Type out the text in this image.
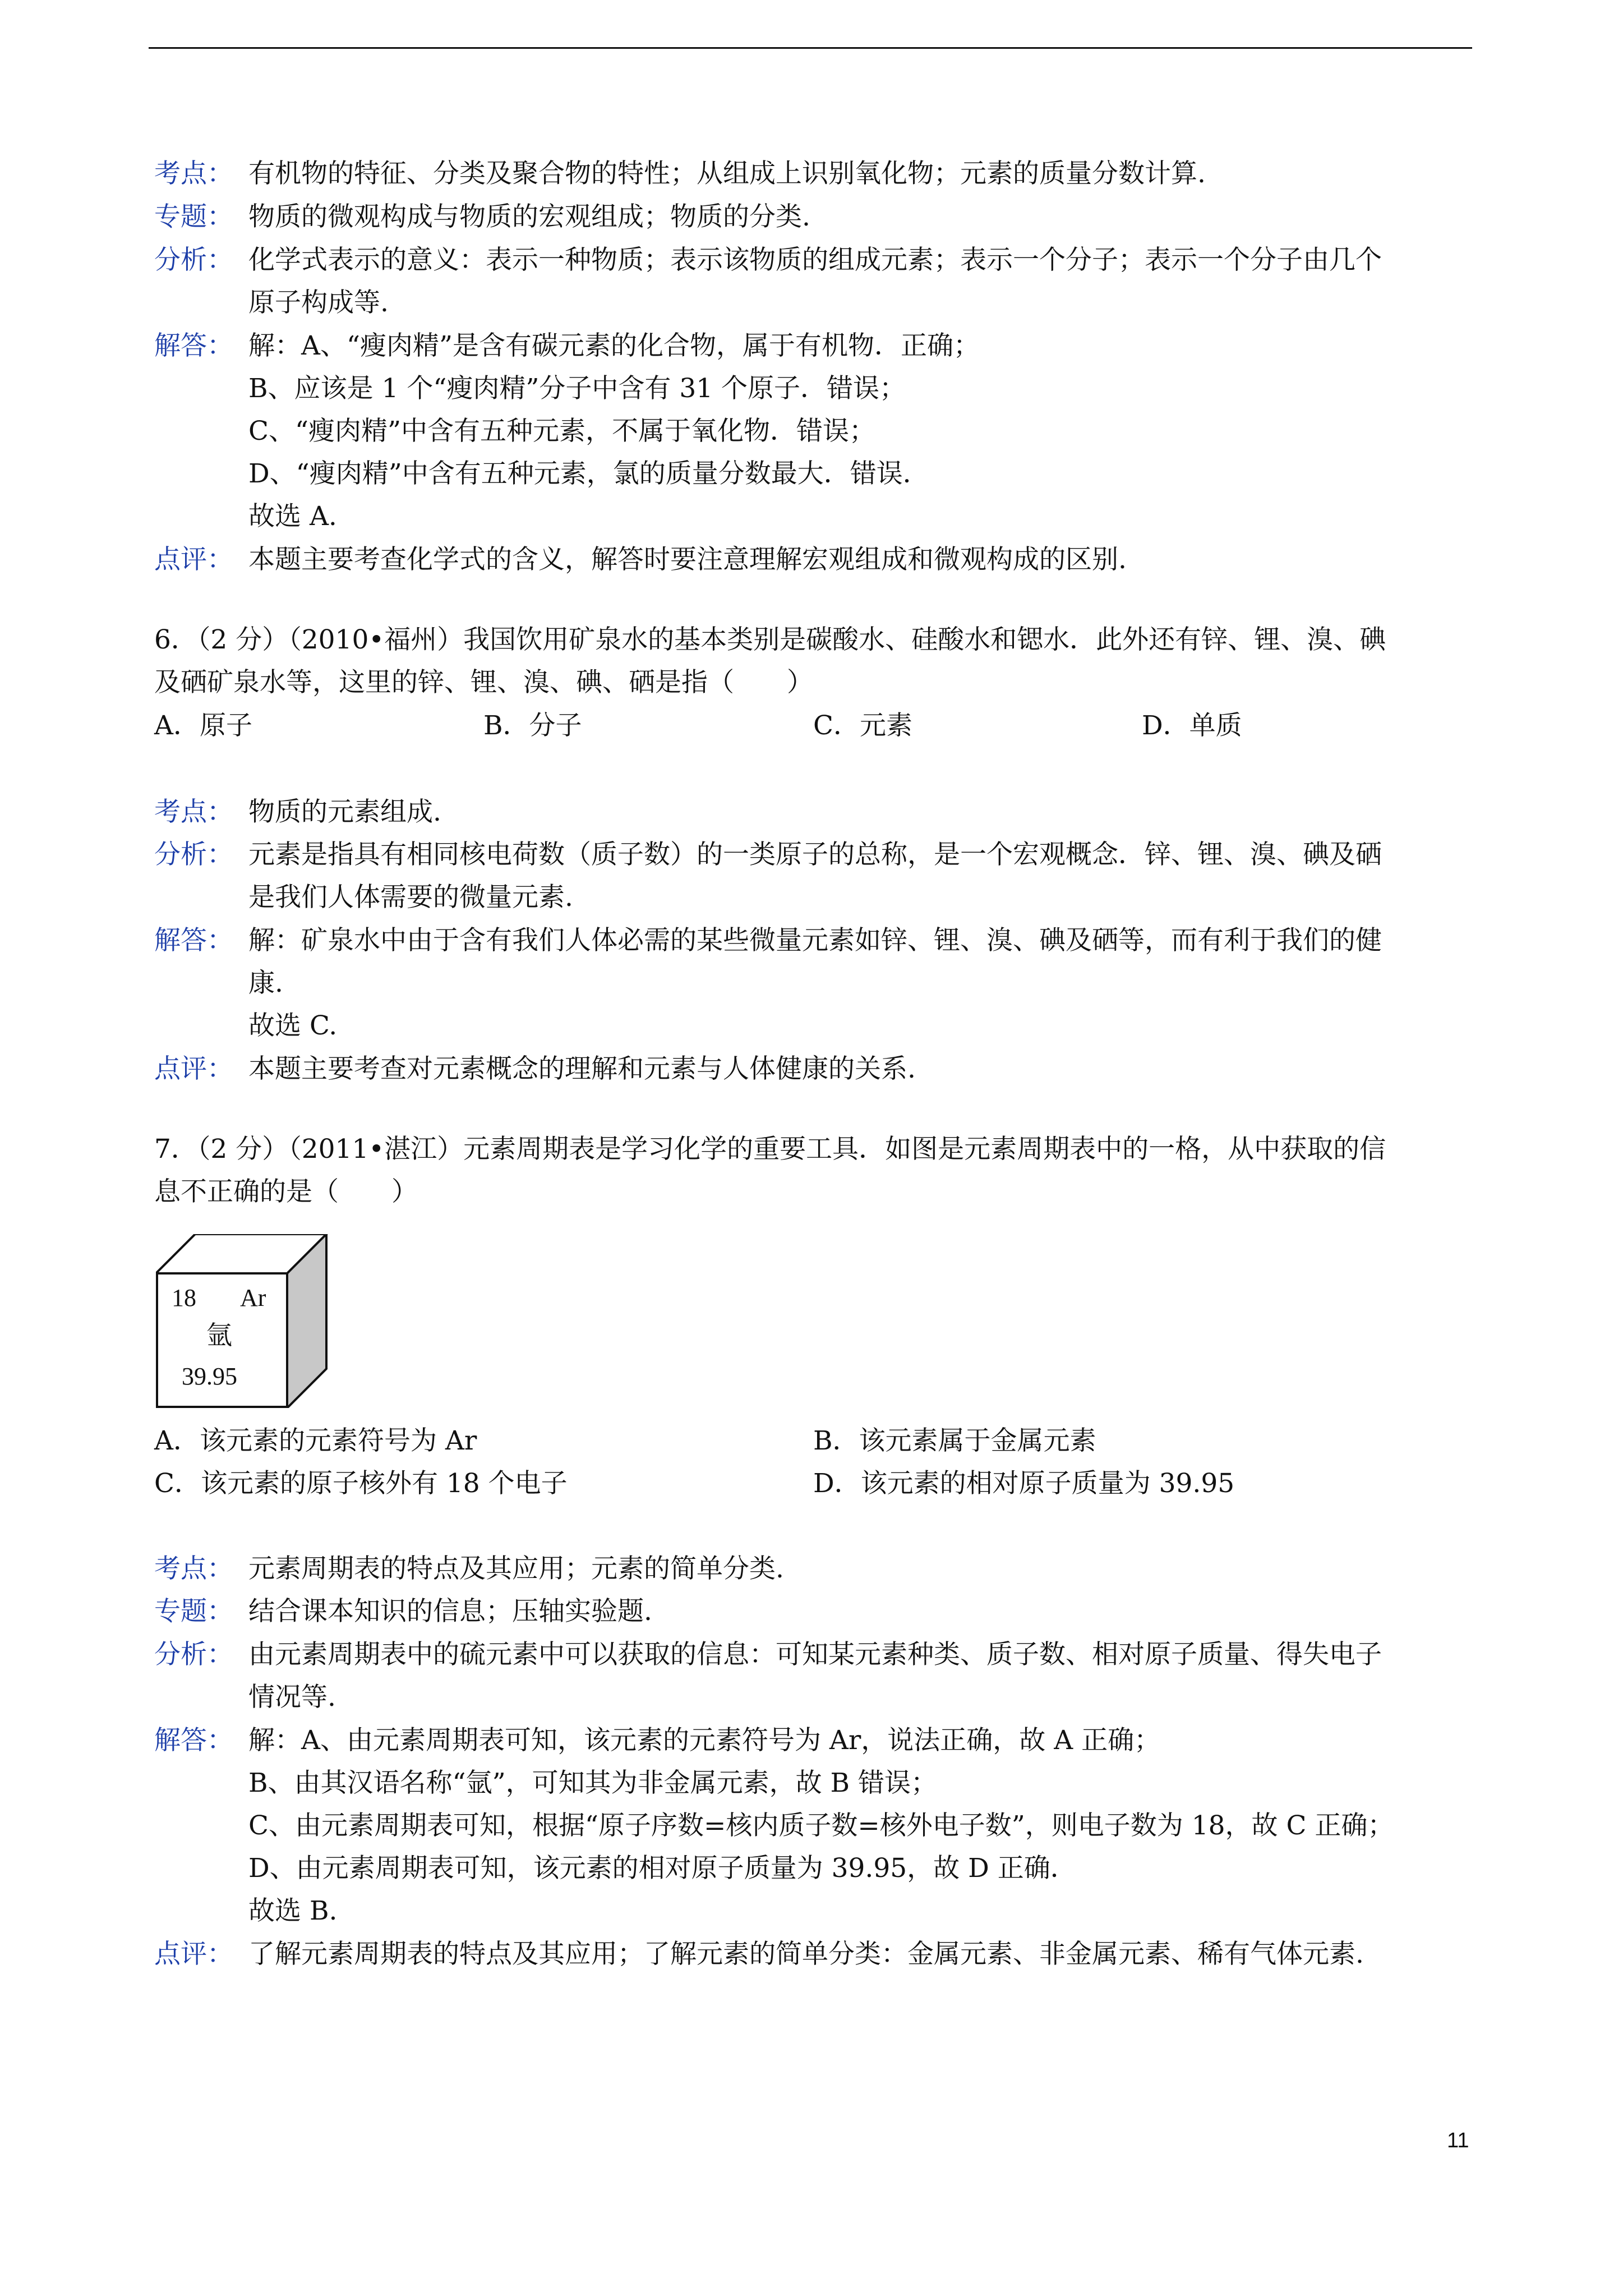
考点： 有机物的特征、分类及聚合物的特性；从组成上识别氧化物；元素的质量分数计算.
专题： 物质的微观构成与物质的宏观组成；物质的分类.
分析： 化学式表示的意义：表示一种物质；表示该物质的组成元素；表示一个分子；表示一个分子由几个
原子构成等.
解答： 解：A、“瘦肉精”是含有碳元素的化合物，属于有机物．正确；
B、应该是 1 个“瘦肉精”分子中含有 31 个原子．错误；
C、“瘦肉精”中含有五种元素，不属于氧化物．错误；
D、“瘦肉精”中含有五种元素，氯的质量分数最大．错误．
故选 A.
点评： 本题主要考查化学式的含义，解答时要注意理解宏观组成和微观构成的区别.
6．（2 分）（2010•福州）我国饮用矿泉水的基本类别是碳酸水、硅酸水和锶水．此外还有锌、锂、溴、碘
及硒矿泉水等，这里的锌、锂、溴、碘、硒是指（　　）
A．原子	B．分子	C．元素	D．单质
考点： 物质的元素组成.
分析： 元素是指具有相同核电荷数（质子数）的一类原子的总称，是一个宏观概念．锌、锂、溴、碘及硒
是我们人体需要的微量元素.
解答： 解：矿泉水中由于含有我们人体必需的某些微量元素如锌、锂、溴、碘及硒等，而有利于我们的健
康.
故选 C.
点评： 本题主要考查对元素概念的理解和元素与人体健康的关系.
7．（2 分）（2011•湛江）元素周期表是学习化学的重要工具．如图是元素周期表中的一格，从中获取的信
息不正确的是（　　）
18 Ar
氩
39.95
A．该元素的元素符号为 Ar	B．该元素属于金属元素
C．该元素的原子核外有 18 个电子	D．该元素的相对原子质量为 39.95
考点： 元素周期表的特点及其应用；元素的简单分类.
专题： 结合课本知识的信息；压轴实验题.
分析： 由元素周期表中的硫元素中可以获取的信息：可知某元素种类、质子数、相对原子质量、得失电子
情况等.
解答： 解：A、由元素周期表可知，该元素的元素符号为 Ar，说法正确，故 A 正确；
B、由其汉语名称“氩”，可知其为非金属元素，故 B 错误；
C、由元素周期表可知，根据“原子序数=核内质子数=核外电子数”，则电子数为 18，故 C 正确；
D、由元素周期表可知，该元素的相对原子质量为 39.95，故 D 正确．
故选 B.
点评： 了解元素周期表的特点及其应用；了解元素的简单分类：金属元素、非金属元素、稀有气体元素.
11
